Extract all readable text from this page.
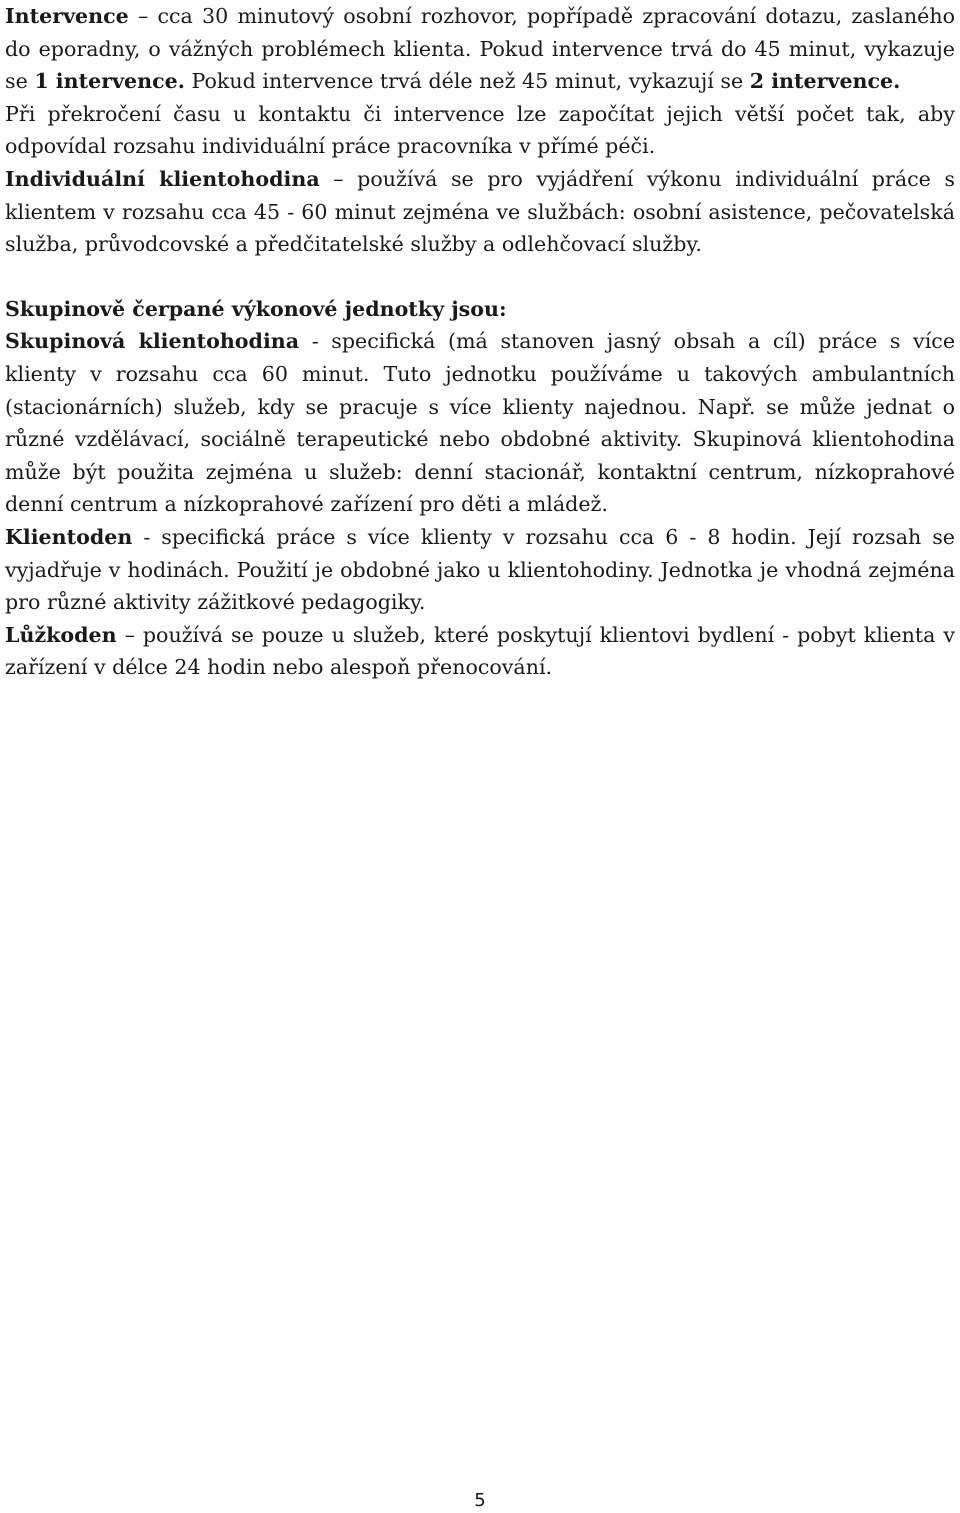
Intervence – cca 30 minutový osobní rozhovor, popřípadě zpracování dotazu, zaslaného do eporadny, o vážných problémech klienta. Pokud intervence trvá do 45 minut, vykazuje se 1 intervence. Pokud intervence trvá déle než 45 minut, vykazují se 2 intervence.

Při překročení času u kontaktu či intervence lze započítat jejich větší počet tak, aby odpovídal rozsahu individuální práce pracovníka v přímé péči.

Individuální klientohodina – používá se pro vyjádření výkonu individuální práce s klientem v rozsahu cca 45 - 60 minut zejména ve službách: osobní asistence, pečovatelská služba, průvodcovské a předčitatelské služby a odlehčovací služby.

Skupinově čerpané výkonové jednotky jsou:

Skupinová klientohodina - specifická (má stanoven jasný obsah a cíl) práce s více klienty v rozsahu cca 60 minut. Tuto jednotku používáme u takových ambulantních (stacionárních) služeb, kdy se pracuje s více klienty najednou. Např. se může jednat o různé vzdělávací, sociálně terapeutické nebo obdobné aktivity. Skupinová klientohodina může být použita zejména u služeb: denní stacionář, kontaktní centrum, nízkoprahové denní centrum a nízkoprahové zařízení pro děti a mládež.

Klientoden - specifická práce s více klienty v rozsahu cca 6 - 8 hodin. Její rozsah se vyjadřuje v hodinách. Použití je obdobné jako u klientohodiny. Jednotka je vhodná zejména pro různé aktivity zážitkové pedagogiky.

Lůžkoden – používá se pouze u služeb, které poskytují klientovi bydlení - pobyt klienta v zařízení v délce 24 hodin nebo alespoň přenocování.

5
